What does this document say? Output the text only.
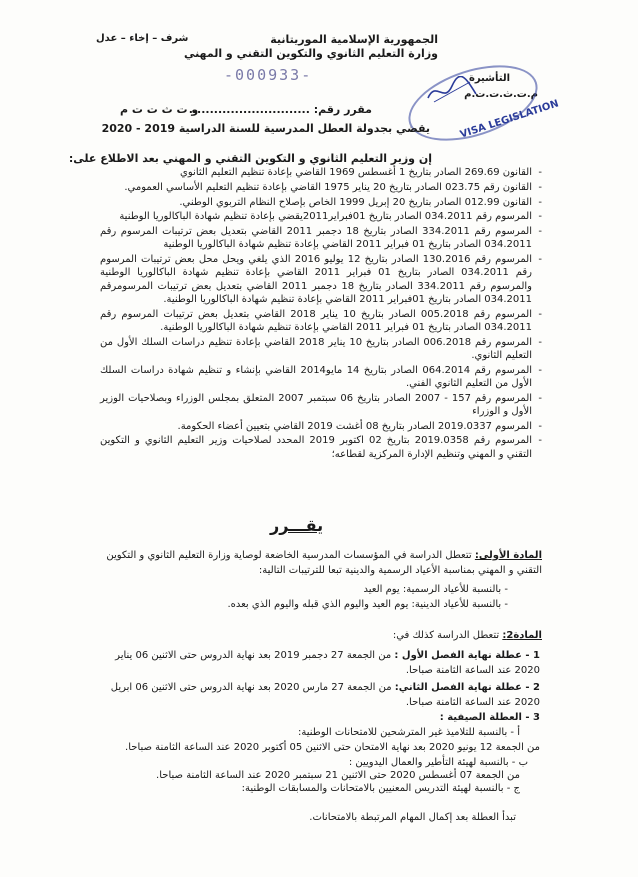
شرف – إخاء – عدل	الجمهورية الإسلامية الموريتانية
وزارة التعليم الثانوي والتكوين التقني و المهني
التأشيرة
م.ت.ث.ت.ت.م
-000933-
VISA LEGISLATION
مقرر رقم: .............................
و ت ث ت ت م
يقضي بجدولة العطل المدرسية للسنة الدراسية 2019 - 2020
إن وزير التعليم الثانوي و التكوين التقني و المهني بعد الاطلاع على:
- القانون 269.69 الصادر بتاريخ 1 أغسطس 1969 القاضي بإعادة تنظيم التعليم الثانوي
- القانون رقم 023.75 الصادر بتاريخ 20 يناير 1975 القاضي بإعادة تنظيم التعليم الأساسي العمومي.
- القانون 012.99 الصادر بتاريخ 20 إبريل 1999 الخاص بإصلاح النظام التربوي الوطني.
- المرسوم رقم 034.2011 الصادر بتاريخ 01فبراير2011يقضي بإعادة تنظيم شهادة الباكالوريا الوطنية
- المرسوم رقم 334.2011 الصادر بتاريخ 18 دجمبر 2011 القاضي بتعديل بعض ترتيبات المرسوم رقم 034.2011 الصادر بتاريخ 01 فبراير 2011 القاضي بإعادة تنظيم شهادة الباكالوريا الوطنية
- المرسوم رقم 130.2016 الصادر بتاريخ 12 يوليو 2016 الذي يلغي ويحل محل بعض ترتيبات المرسوم رقم 034.2011 الصادر بتاريخ 01 فبراير 2011 القاضي بإعادة تنظيم شهادة الباكالوريا الوطنية والمرسوم رقم 334.2011 الصادر بتاريخ 18 دجمبر 2011 القاضي بتعديل بعض ترتيبات المرسومرقم 034.2011 الصادر بتاريخ 01فبراير 2011 القاضي بإعادة تنظيم شهادة الباكالوريا الوطنية.
- المرسوم رقم 005.2018 الصادر بتاريخ 10 يناير 2018 القاضي بتعديل بعض ترتيبات المرسوم رقم 034.2011 الصادر بتاريخ 01 فبراير 2011 القاضي بإعادة تنظيم شهادة الباكالوريا الوطنية.
- المرسوم رقم 006.2018 الصادر بتاريخ 10 يناير 2018 القاضي بإعادة تنظيم دراسات السلك الأول من التعليم الثانوي.
- المرسوم رقم 064.2014 الصادر بتاريخ 14 مايو2014 القاضي بإنشاء و تنظيم شهادة دراسات السلك الأول من التعليم الثانوي الفني.
- المرسوم رقم 157 - 2007 الصادر بتاريخ 06 سبتمبر 2007 المتعلق بمجلس الوزراء وبصلاحيات الوزير الأول و الوزراء
- المرسوم 2019.0337 الصادر بتاريخ 08 أغشت 2019 القاضي بتعيين أعضاء الحكومة.
- المرسوم رقم 2019.0358 بتاريخ 02 اكتوبر 2019 المحدد لصلاحيات وزير التعليم الثانوي و التكوين التقني و المهني وتنظيم الإدارة المركزية لقطاعه؛
يقـــرر
المادة الأولى: تتعطل الدراسة في المؤسسات المدرسية الخاضعة لوصاية وزارة التعليم الثانوي و التكوين التقني و المهني بمناسبة الأعياد الرسمية والدينية تبعا للترتيبات التالية:
- بالنسبة للأعياد الرسمية: يوم العيد
- بالنسبة للأعياد الدينية: يوم العيد واليوم الذي قبله واليوم الذي بعده.
المادة2: تتعطل الدراسة كذلك في:
1 - عطلة نهاية الفصل الأول : من الجمعة 27 دجمبر 2019 بعد نهاية الدروس حتى الاثنين 06 يناير 2020 عند الساعة الثامنة صباحا.
2 - عطلة نهاية الفصل الثاني: من الجمعة 27 مارس 2020 بعد نهاية الدروس حتى الاثنين 06 ابريل 2020 عند الساعة الثامنة صباحا.
3 - العطلة الصيفية :
أ - بالنسبة للتلاميذ غير المترشحين للامتحانات الوطنية:
من الجمعة 12 يونيو 2020 بعد نهاية الامتحان حتى الاثنين 05 أكتوبر 2020 عند الساعة الثامنة صباحا.
ب - بالنسبة لهيئة التأطير والعمال اليدويين :
من الجمعة 07 أغسطس 2020 حتى الاثنين 21 سبتمبر 2020 عند الساعة الثامنة صباحا.
ج - بالنسبة لهيئة التدريس المعنيين بالامتحانات والمسابقات الوطنية:
تبدأ العطلة بعد إكمال المهام المرتبطة بالامتحانات.
